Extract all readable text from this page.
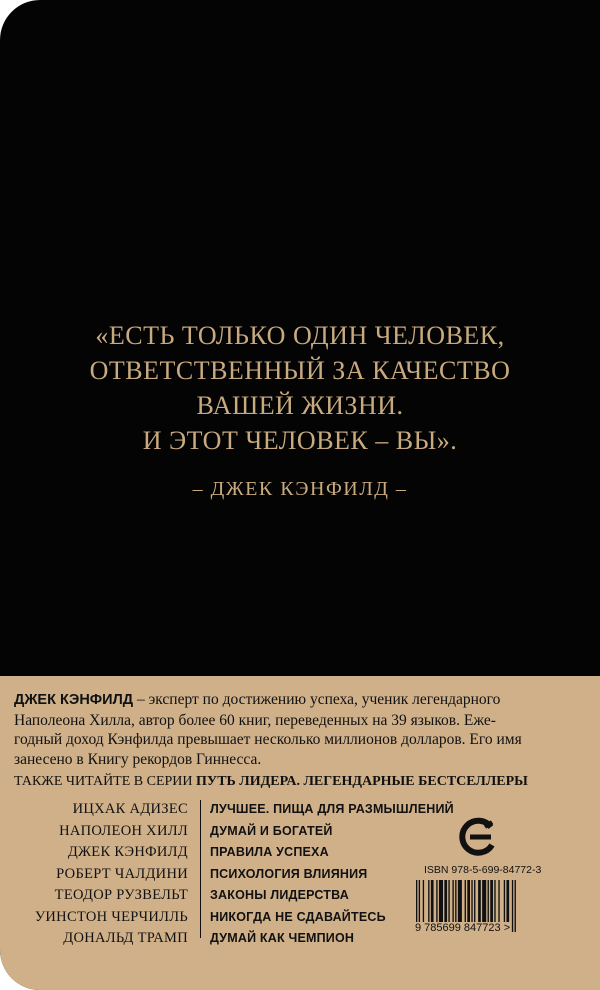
«ЕСТЬ ТОЛЬКО ОДИН ЧЕЛОВЕК,
ОТВЕТСТВЕННЫЙ ЗА КАЧЕСТВО
ВАШЕЙ ЖИЗНИ.
И ЭТОТ ЧЕЛОВЕК – ВЫ».
– ДЖЕК КЭНФИЛД –
ДЖЕК КЭНФИЛД – эксперт по достижению успеха, ученик легендарного
Наполеона Хилла, автор более 60 книг, переведенных на 39 языков. Еже-
годный доход Кэнфилда превышает несколько миллионов долларов. Его имя
занесено в Книгу рекордов Гиннесса.
ТАКЖЕ ЧИТАЙТЕ В СЕРИИ ПУТЬ ЛИДЕРА. ЛЕГЕНДАРНЫЕ БЕСТСЕЛЛЕРЫ
ИЦХАК АДИЗЕС ЛУЧШЕЕ. ПИЩА ДЛЯ РАЗМЫШЛЕНИЙ
НАПОЛЕОН ХИЛЛ ДУМАЙ И БОГАТЕЙ
ДЖЕК КЭНФИЛД ПРАВИЛА УСПЕХА
РОБЕРТ ЧАЛДИНИ ПСИХОЛОГИЯ ВЛИЯНИЯ
ТЕОДОР РУЗВЕЛЬТ ЗАКОНЫ ЛИДЕРСТВА
УИНСТОН ЧЕРЧИЛЛЬ НИКОГДА НЕ СДАВАЙТЕСЬ
ДОНАЛЬД ТРАМП ДУМАЙ КАК ЧЕМПИОН
ISBN 978-5-699-84772-3
9 785699 847723 >
